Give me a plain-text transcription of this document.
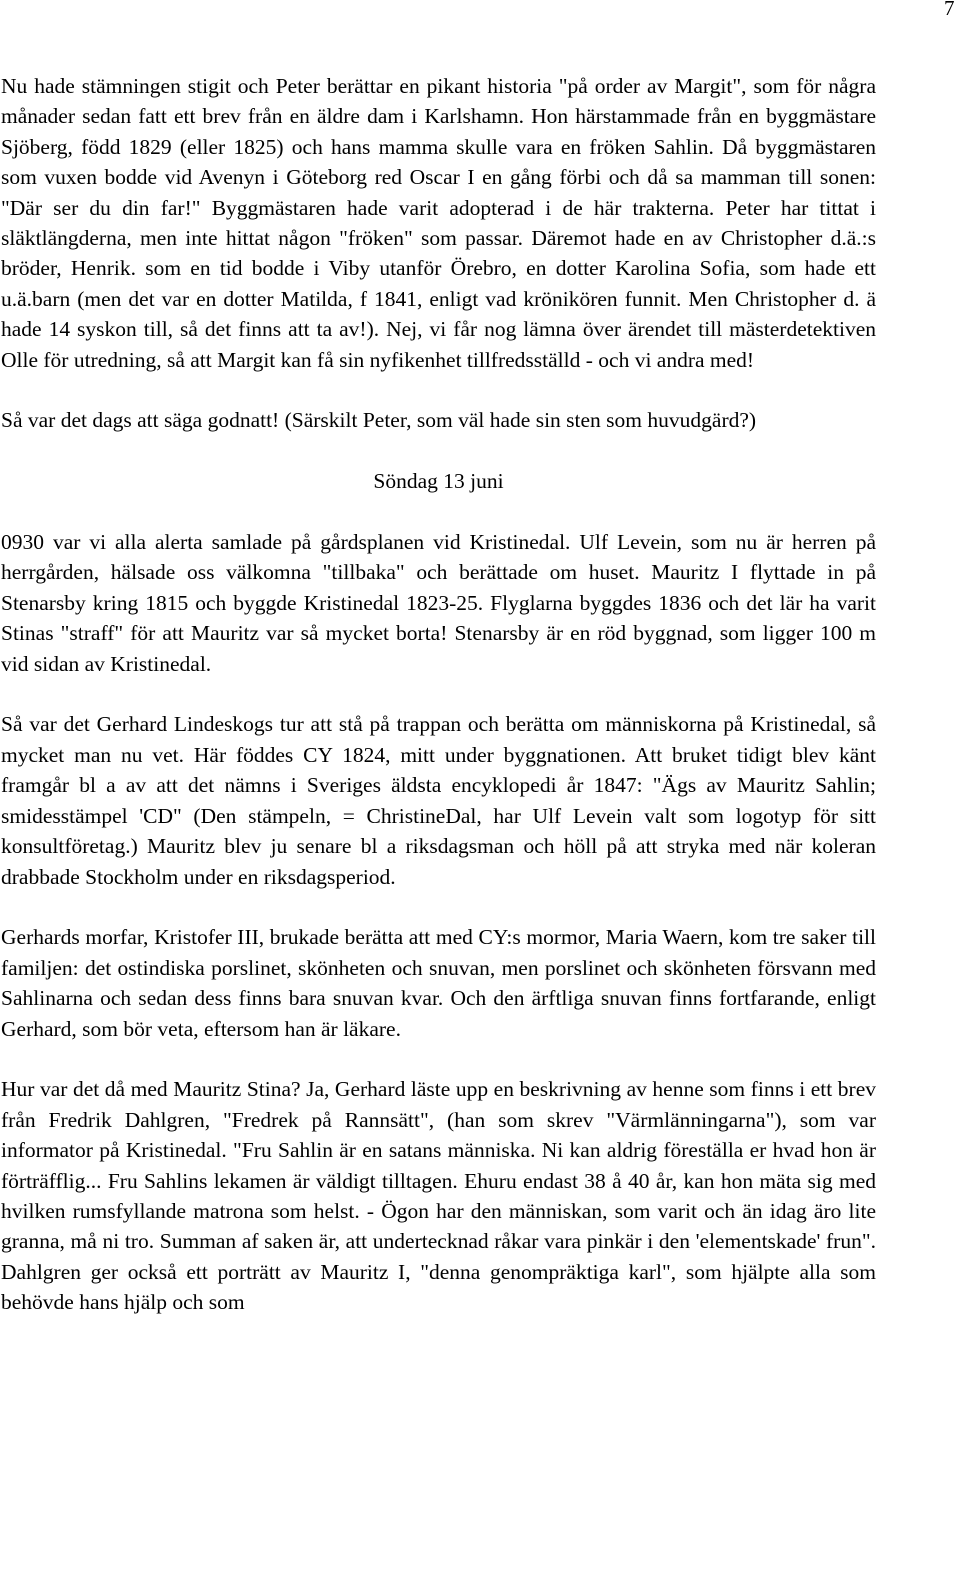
7

Nu hade stämningen stigit och Peter berättar en pikant historia "på order av Margit", som för några månader sedan fatt ett brev från en äldre dam i Karlshamn. Hon härstammade från en byggmästare Sjöberg, född 1829 (eller 1825) och hans mamma skulle vara en fröken Sahlin. Då byggmästaren som vuxen bodde vid Avenyn i Göteborg red Oscar I en gång förbi och då sa mamman till sonen: "Där ser du din far!" Byggmästaren hade varit adopterad i de här trakterna. Peter har tittat i släktlängderna, men inte hittat någon "fröken" som passar. Däremot hade en av Christopher d.ä.:s bröder, Henrik. som en tid bodde i Viby utanför Örebro, en dotter Karolina Sofia, som hade ett u.ä.barn (men det var en dotter Matilda, f 1841, enligt vad krönikören funnit. Men Christopher d. ä hade 14 syskon till, så det finns att ta av!). Nej, vi får nog lämna över ärendet till mästerdetektiven Olle för utredning, så att Margit kan få sin nyfikenhet tillfredsställd - och vi andra med!

Så var det dags att säga godnatt! (Särskilt Peter, som väl hade sin sten som huvudgärd?)

Söndag 13 juni

0930 var vi alla alerta samlade på gårdsplanen vid Kristinedal. Ulf Levein, som nu är herren på herrgården, hälsade oss välkomna "tillbaka" och berättade om huset. Mauritz I flyttade in på Stenarsby kring 1815 och byggde Kristinedal 1823-25. Flyglarna byggdes 1836 och det lär ha varit Stinas "straff" för att Mauritz var så mycket borta! Stenarsby är en röd byggnad, som ligger 100 m vid sidan av Kristinedal.

Så var det Gerhard Lindeskogs tur att stå på trappan och berätta om människorna på Kristinedal, så mycket man nu vet. Här föddes CY 1824, mitt under byggnationen. Att bruket tidigt blev känt framgår bl a av att det nämns i Sveriges äldsta encyklopedi år 1847: "Ägs av Mauritz Sahlin; smidesstämpel 'CD" (Den stämpeln, = ChristineDal, har Ulf Levein valt som logotyp för sitt konsultföretag.) Mauritz blev ju senare bl a riksdagsman och höll på att stryka med när koleran drabbade Stockholm under en riksdagsperiod.

Gerhards morfar, Kristofer III, brukade berätta att med CY:s mormor, Maria Waern, kom tre saker till familjen: det ostindiska porslinet, skönheten och snuvan, men porslinet och skönheten försvann med Sahlinarna och sedan dess finns bara snuvan kvar. Och den ärftliga snuvan finns fortfarande, enligt Gerhard, som bör veta, eftersom han är läkare.

Hur var det då med Mauritz Stina? Ja, Gerhard läste upp en beskrivning av henne som finns i ett brev från Fredrik Dahlgren, "Fredrek på Rannsätt", (han som skrev "Värmlänningarna"), som var informator på Kristinedal. "Fru Sahlin är en satans människa. Ni kan aldrig föreställa er hvad hon är förträfflig... Fru Sahlins lekamen är väldigt tilltagen. Ehuru endast 38 å 40 år, kan hon mäta sig med hvilken rumsfyllande matrona som helst. - Ögon har den människan, som varit och än idag äro lite granna, må ni tro. Summan af saken är, att undertecknad råkar vara pinkär i den 'elementskade' frun". Dahlgren ger också ett porträtt av Mauritz I, "denna genompräktiga karl", som hjälpte alla som behövde hans hjälp och som
